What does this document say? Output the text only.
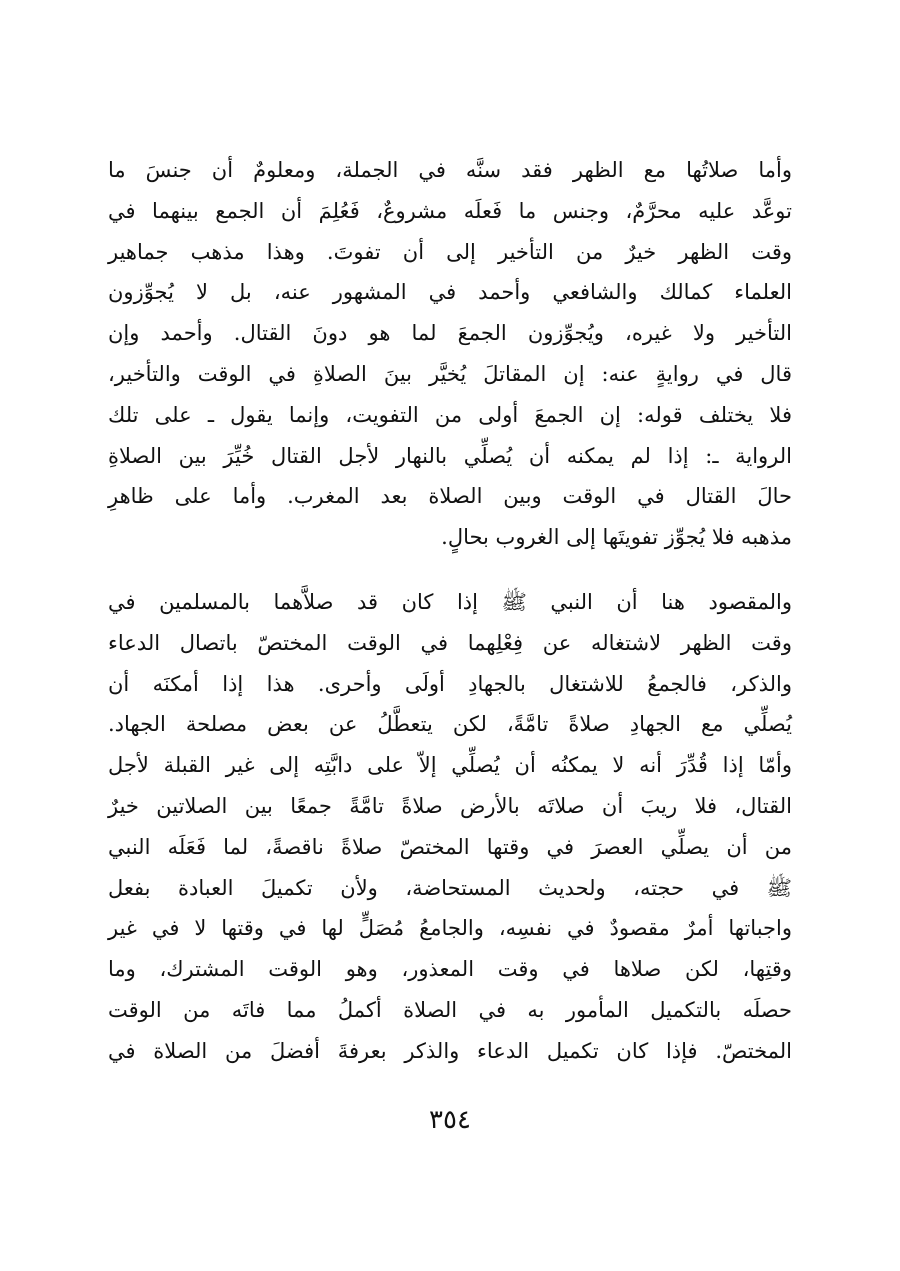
وأما صلاتُها مع الظهر فقد سنَّه في الجملة، ومعلومٌ أن جنسَ ما
توعَّد عليه محرَّمٌ، وجنس ما فَعلَه مشروعٌ، فَعُلِمَ أن الجمع بينهما في
وقت الظهر خيرٌ من التأخير إلى أن تفوتَ. وهذا مذهب جماهير
العلماء كمالك والشافعي وأحمد في المشهور عنه، بل لا يُجوِّزون
التأخير ولا غيره، ويُجوِّزون الجمعَ لما هو دونَ القتال. وأحمد وإن
قال في روايةٍ عنه: إن المقاتلَ يُخيَّر بينَ الصلاةِ في الوقت والتأخير،
فلا يختلف قوله: إن الجمعَ أولى من التفويت، وإنما يقول ـ على تلك
الرواية ـ: إذا لم يمكنه أن يُصلِّي بالنهار لأجل القتال خُيِّرَ بين الصلاةِ
حالَ القتال في الوقت وبين الصلاة بعد المغرب. وأما على ظاهرِ
مذهبه فلا يُجوِّز تفويتَها إلى الغروب بحالٍ.
والمقصود هنا أن النبي ﷺ إذا كان قد صلاَّهما بالمسلمين في
وقت الظهر لاشتغاله عن فِعْلِهما في الوقت المختصّ باتصال الدعاء
والذكر، فالجمعُ للاشتغال بالجهادِ أولَى وأحرى. هذا إذا أمكنَه أن
يُصلِّي مع الجهادِ صلاةً تامَّةً، لكن يتعطَّلُ عن بعض مصلحة الجهاد.
وأمّا إذا قُدِّرَ أنه لا يمكنُه أن يُصلِّي إلاّ على دابَّتِه إلى غير القبلة لأجل
القتال، فلا ريبَ أن صلاتَه بالأرض صلاةً تامَّةً جمعًا بين الصلاتين خيرٌ
من أن يصلِّي العصرَ في وقتها المختصّ صلاةً ناقصةً، لما فَعَلَه النبي
ﷺ في حجته، ولحديث المستحاضة، ولأن تكميلَ العبادة بفعل
واجباتها أمرٌ مقصودٌ في نفسِه، والجامعُ مُصَلٍّ لها في وقتها لا في غير
وقتِها، لكن صلاها في وقت المعذور، وهو الوقت المشترك، وما
حصلَه بالتكميل المأمور به في الصلاة أكملُ مما فاتَه من الوقت
المختصّ. فإذا كان تكميل الدعاء والذكر بعرفةَ أفضلَ من الصلاة في
٣٥٤
